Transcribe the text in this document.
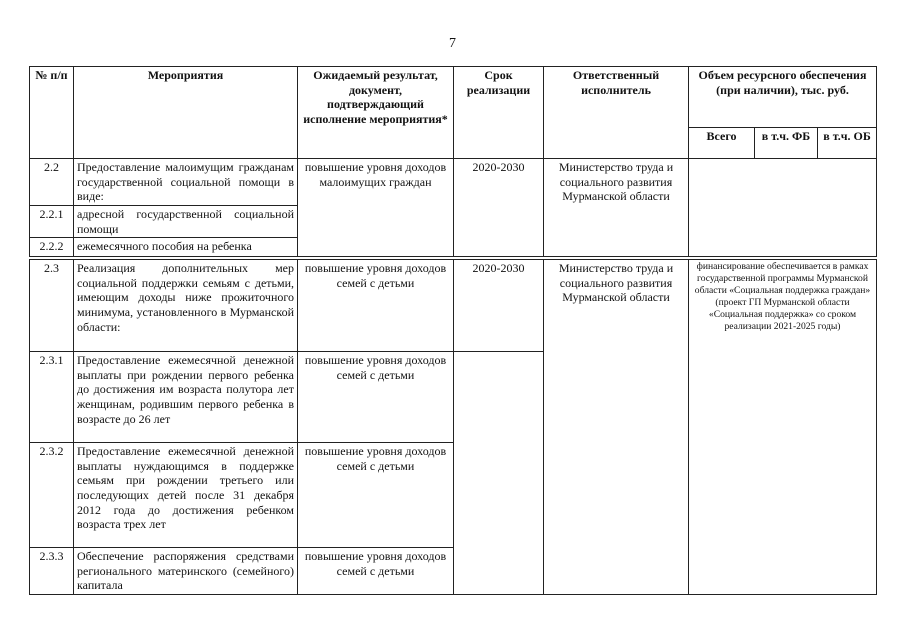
7
№ п/п	Мероприятия	Ожидаемый результат, документ, подтверждающий исполнение мероприятия*	Срок реализации	Ответственный исполнитель	Объем ресурсного обеспечения (при наличии), тыс. руб.		
					Всего	в т.ч. ФБ	в т.ч. ОБ
2.2	Предоставление малоимущим гражданам государственной социальной помощи в виде:	повышение уровня доходов малоимущих граждан	2020-2030	Министерство труда и социального развития Мурманской области			
2.2.1	адресной государственной социальной помощи						
2.2.2	ежемесячного пособия на ребенка						

2.3	Реализация дополнительных мер социальной поддержки семьям с детьми, имеющим доходы ниже прожиточного минимума, установленного в Мурманской области:	повышение уровня доходов семей с детьми	2020-2030	Министерство труда и социального развития Мурманской области	финансирование обеспечивается в рамках государственной программы Мурманской области «Социальная поддержка граждан» (проект ГП Мурманской области «Социальная поддержка» со сроком реализации 2021-2025 годы)		
2.3.1	Предоставление ежемесячной денежной выплаты при рождении первого ребенка до достижения им возраста полутора лет женщинам, родившим первого ребенка в возрасте до 26 лет	повышение уровня доходов семей с детьми					
2.3.2	Предоставление ежемесячной денежной выплаты нуждающимся в поддержке семьям при рождении третьего или последующих детей после 31 декабря 2012 года до достижения ребенком возраста трех лет	повышение уровня доходов семей с детьми					
2.3.3	Обеспечение распоряжения средствами регионального материнского (семейного) капитала	повышение уровня доходов семей с детьми					
